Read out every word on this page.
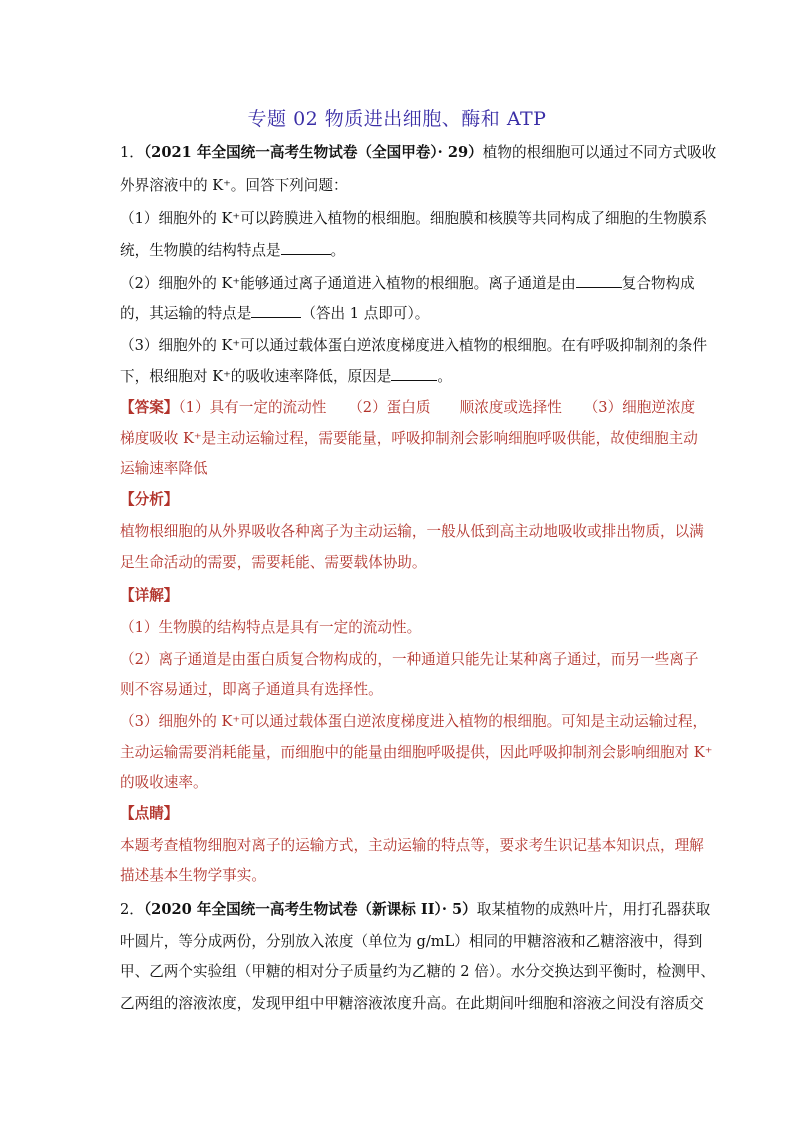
专题 02 物质进出细胞、酶和 ATP
1．（2021 年全国统一高考生物试卷（全国甲卷）· 29）植物的根细胞可以通过不同方式吸收
外界溶液中的 K⁺。回答下列问题：
（1）细胞外的 K⁺可以跨膜进入植物的根细胞。细胞膜和核膜等共同构成了细胞的生物膜系
统，生物膜的结构特点是	。
（2）细胞外的 K⁺能够通过离子通道进入植物的根细胞。离子通道是由	复合物构成
的，其运输的特点是	（答出 1 点即可）。
（3）细胞外的 K⁺可以通过载体蛋白逆浓度梯度进入植物的根细胞。在有呼吸抑制剂的条件
下，根细胞对 K⁺的吸收速率降低，原因是	。
【答案】（1）具有一定的流动性　　（2）蛋白质　　顺浓度或选择性　　（3）细胞逆浓度
梯度吸收 K⁺是主动运输过程，需要能量，呼吸抑制剂会影响细胞呼吸供能，故使细胞主动
运输速率降低
【分析】
植物根细胞的从外界吸收各种离子为主动运输，一般从低到高主动地吸收或排出物质，以满
足生命活动的需要，需要耗能、需要载体协助。
【详解】
（1）生物膜的结构特点是具有一定的流动性。
（2）离子通道是由蛋白质复合物构成的，一种通道只能先让某种离子通过，而另一些离子
则不容易通过，即离子通道具有选择性。
（3）细胞外的 K⁺可以通过载体蛋白逆浓度梯度进入植物的根细胞。可知是主动运输过程，
主动运输需要消耗能量，而细胞中的能量由细胞呼吸提供，因此呼吸抑制剂会影响细胞对 K⁺
的吸收速率。
【点睛】
本题考查植物细胞对离子的运输方式，主动运输的特点等，要求考生识记基本知识点，理解
描述基本生物学事实。
2．（2020 年全国统一高考生物试卷（新课标 II）· 5）取某植物的成熟叶片，用打孔器获取
叶圆片，等分成两份，分别放入浓度（单位为 g/mL）相同的甲糖溶液和乙糖溶液中，得到
甲、乙两个实验组（甲糖的相对分子质量约为乙糖的 2 倍）。水分交换达到平衡时，检测甲、
乙两组的溶液浓度，发现甲组中甲糖溶液浓度升高。在此期间叶细胞和溶液之间没有溶质交
